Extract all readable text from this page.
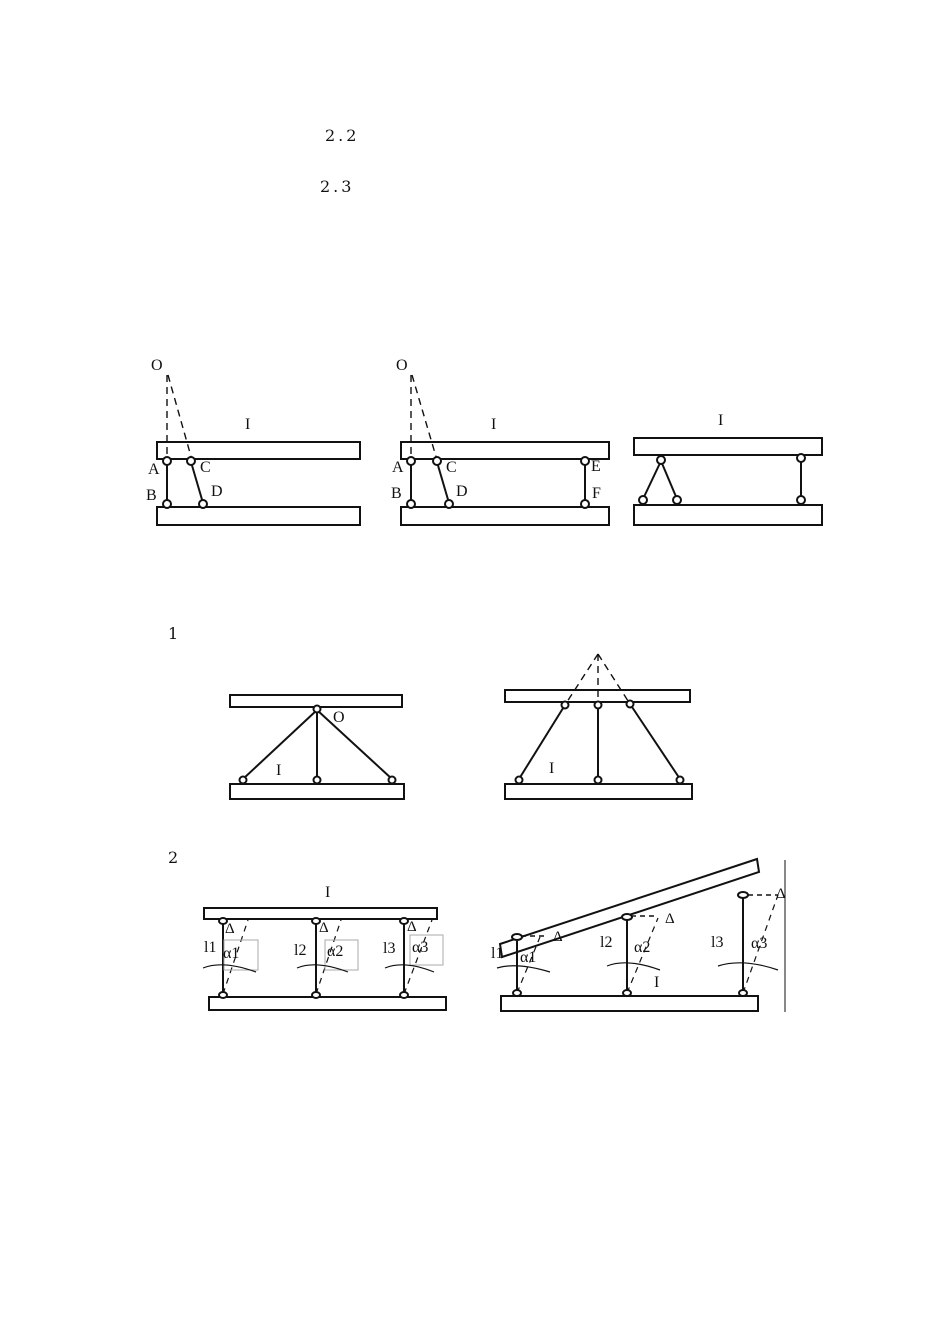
2.2　　
2.3　　

1
2
O
I
A	C
B	D
O
I
A	C	E
B	D	F
I
O
I	I
I
l1	l2	l3
α1	α2	α3
Δ	Δ	Δ
I
l1
l2	l3
α1
α2	α3
Δ
Δ
Δ
